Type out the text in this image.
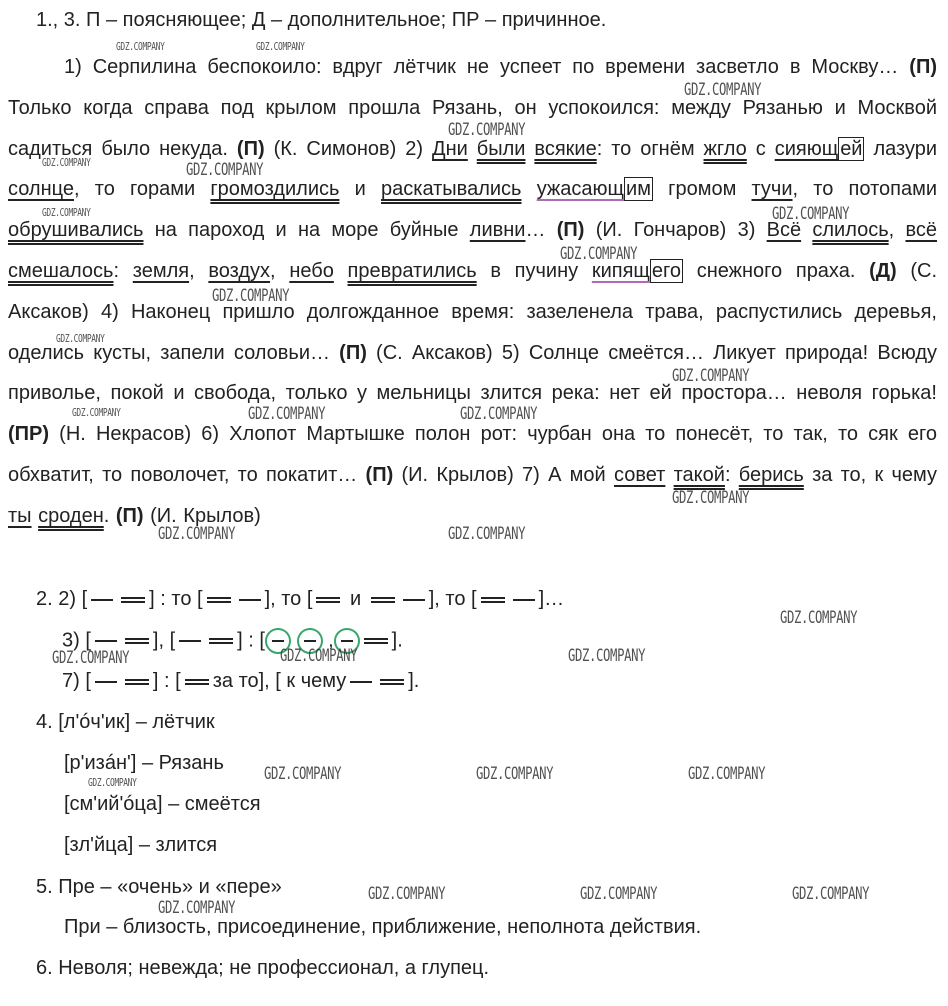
1., 3. П – поясняющее; Д – дополнительное; ПР – причинное.
1) Серпилина беспокоило: вдруг лётчик не успеет по времени засветло в Москву… (П) Только когда справа под крылом прошла Рязань, он успокоился: между Рязанью и Москвой садиться было некуда. (П) (К. Симонов) 2) Дни были всякие: то огнём жгло с сияющ ей лазури солнце, то горами громоздились и раскатывались ужасающ им громом тучи, то потопами обрушивались на пароход и на море буйные ливни… (П) (И. Гончаров) 3) Всё слилось, всё смешалось: земля, воздух, небо превратились в пучину кипящ его снежного праха. (Д) (С. Аксаков) 4) Наконец пришло долгожданное время: зазеленела трава, распустились деревья, оделись кусты, запели соловьи… (П) (С. Аксаков) 5) Солнце смеётся… Ликует природа! Всюду приволье, покой и свобода, только у мельницы злится река: нет ей простора… неволя горька! (ПР) (Н. Некрасов) 6) Хлопот Мартышке полон рот: чурбан она то понесёт, то так, то сяк его обхватит, то поволочет, то покатит… (П) (И. Крылов) 7) А мой совет такой: берись за то, к чему ты сроден. (П) (И. Крылов)
2. 2) [	] : то [	], то [ и	], то [	]…
3) [	], [	] : [	,	].
7) [	] : [ за то], [ к чему	].
4. [л'óч'ик] – лётчик
[р'изáн'] – Рязань
[см'ий'óца] – смеётся
[зл'йца] – злится
5. Пре – «очень» и «пере»
При – близость, присоединение, приближение, неполнота действия.
6. Неволя; невежда; не профессионал, а глупец.
GDZ.COMPANY	GDZ.COMPANY
GDZ.COMPANY
GDZ.COMPANY
GDZ.COMPANY	GDZ.COMPANY
GDZ.COMPANY	GDZ.COMPANY
GDZ.COMPANY
GDZ.COMPANY
GDZ.COMPANY
GDZ.COMPANY
GDZ.COMPANY	GDZ.COMPANY	GDZ.COMPANY
GDZ.COMPANY
GDZ.COMPANY	GDZ.COMPANY
GDZ.COMPANY
GDZ.COMPANY	GDZ.COMPANY	GDZ.COMPANY
GDZ.COMPANY	GDZ.COMPANY	GDZ.COMPANY	GDZ.COMPANY
GDZ.COMPANY	GDZ.COMPANY	GDZ.COMPANY
GDZ.COMPANY
